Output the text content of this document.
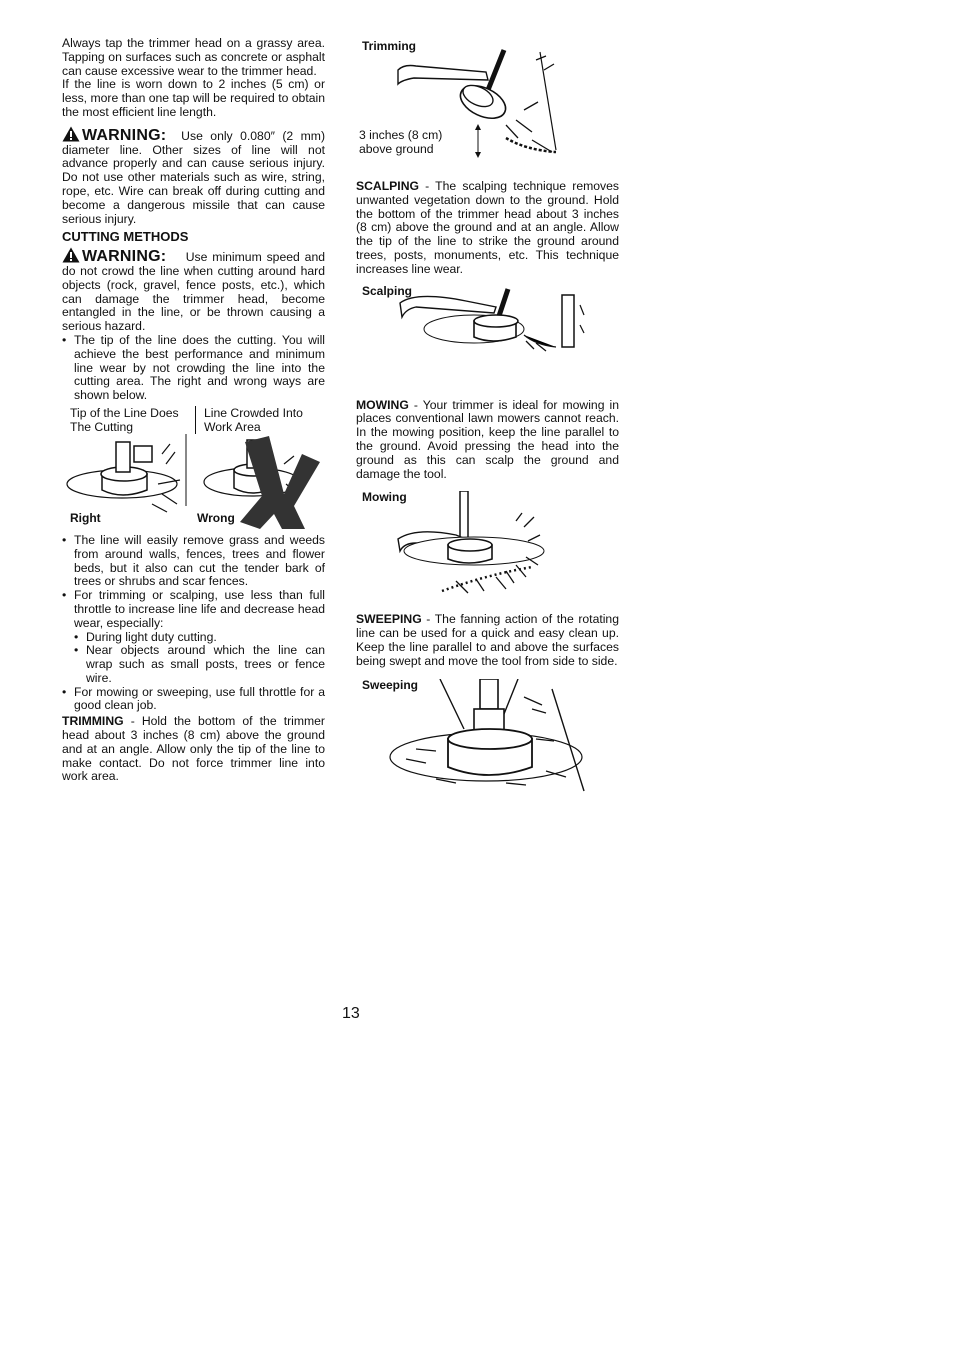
Always tap the trimmer head on a grassy area. Tapping on surfaces such as concrete or asphalt can cause excessive wear to the trimmer head.

If the line is worn down to 2 inches (5 cm) or less, more than one tap will be required to obtain the most efficient line length.

WARNING: Use only 0.080″ (2 mm) diameter line. Other sizes of line will not advance properly and can cause serious injury. Do not use other materials such as wire, string, rope, etc. Wire can break off during cutting and become a dangerous missile that can cause serious injury.

CUTTING METHODS

WARNING: Use minimum speed and do not crowd the line when cutting around hard objects (rock, gravel, fence posts, etc.), which can damage the trimmer head, become entangled in the line, or be thrown causing a serious hazard.

• The tip of the line does the cutting. You will achieve the best performance and minimum line wear by not crowding the line into the cutting area. The right and wrong ways are shown below.
Tip of the Line Does The Cutting
Line Crowded Into Work Area
Right	Wrong
• The line will easily remove grass and weeds from around walls, fences, trees and flower beds, but it also can cut the tender bark of trees or shrubs and scar fences.
• For trimming or scalping, use less than full throttle to increase line life and decrease head wear, especially:
• During light duty cutting.
• Near objects around which the line can wrap such as small posts, trees or fence wire.
• For mowing or sweeping, use full throttle for a good clean job.

TRIMMING - Hold the bottom of the trimmer head about 3 inches (8 cm) above the ground and at an angle. Allow only the tip of the line to make contact. Do not force trimmer line into work area.

Trimming
3 inches (8 cm) above ground

SCALPING - The scalping technique removes unwanted vegetation down to the ground. Hold the bottom of the trimmer head about 3 inches (8 cm) above the ground and at an angle. Allow the tip of the line to strike the ground around trees, posts, monuments, etc. This technique increases line wear.

Scalping

MOWING - Your trimmer is ideal for mowing in places conventional lawn mowers cannot reach. In the mowing position, keep the line parallel to the ground. Avoid pressing the head into the ground as this can scalp the ground and damage the tool.

Mowing

SWEEPING - The fanning action of the rotating line can be used for a quick and easy clean up. Keep the line parallel to and above the surfaces being swept and move the tool from side to side.

Sweeping
13
